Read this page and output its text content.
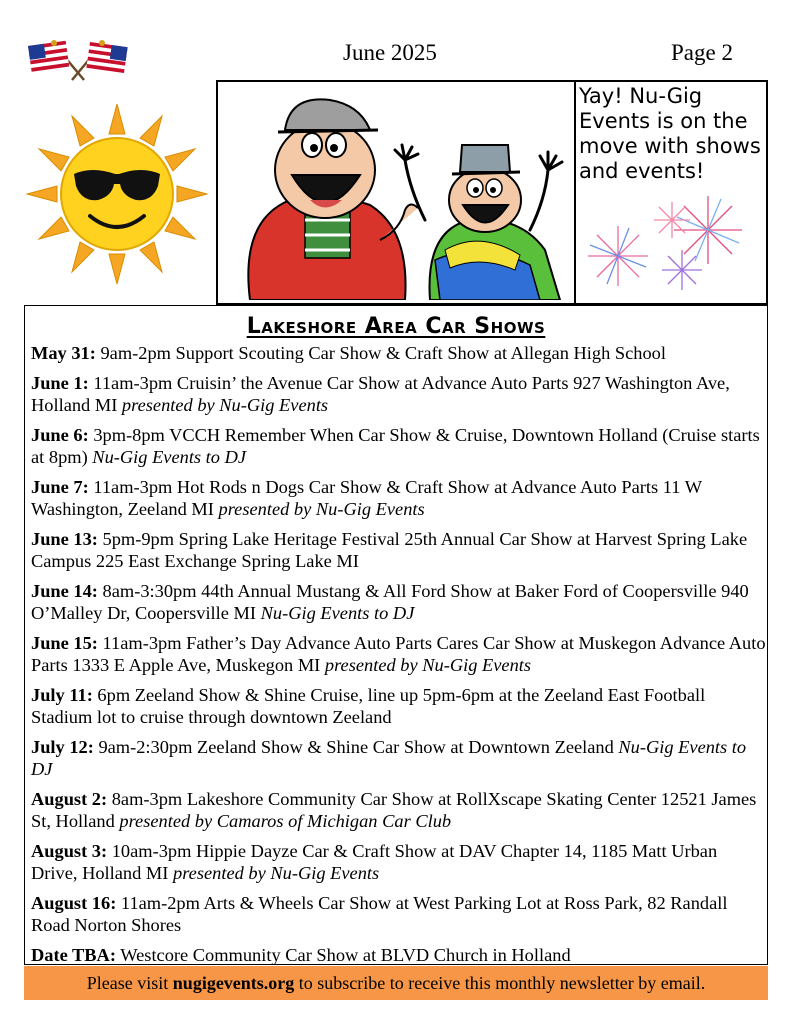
June 2025	Page 2
Yay! Nu-Gig Events is on the move with shows and events!
Lakeshore Area Car Shows
May 31: 9am-2pm Support Scouting Car Show & Craft Show at Allegan High School
June 1: 11am-3pm Cruisin’ the Avenue Car Show at Advance Auto Parts 927 Washington Ave, Holland MI presented by Nu-Gig Events
June 6: 3pm-8pm VCCH Remember When Car Show & Cruise, Downtown Holland (Cruise starts at 8pm) Nu-Gig Events to DJ
June 7: 11am-3pm Hot Rods n Dogs Car Show & Craft Show at Advance Auto Parts 11 W Washington, Zeeland MI presented by Nu-Gig Events
June 13: 5pm-9pm Spring Lake Heritage Festival 25th Annual Car Show at Harvest Spring Lake Campus 225 East Exchange Spring Lake MI
June 14: 8am-3:30pm 44th Annual Mustang & All Ford Show at Baker Ford of Coopersville 940 O’Malley Dr, Coopersville MI Nu-Gig Events to DJ
June 15: 11am-3pm Father’s Day Advance Auto Parts Cares Car Show at Muskegon Advance Auto Parts 1333 E Apple Ave, Muskegon MI presented by Nu-Gig Events
July 11: 6pm Zeeland Show & Shine Cruise, line up 5pm-6pm at the Zeeland East Football Stadium lot to cruise through downtown Zeeland
July 12: 9am-2:30pm Zeeland Show & Shine Car Show at Downtown Zeeland Nu-Gig Events to DJ
August 2: 8am-3pm Lakeshore Community Car Show at RollXscape Skating Center 12521 James St, Holland presented by Camaros of Michigan Car Club
August 3: 10am-3pm Hippie Dayze Car & Craft Show at DAV Chapter 14, 1185 Matt Urban Drive, Holland MI presented by Nu-Gig Events
August 16: 11am-2pm Arts & Wheels Car Show at West Parking Lot at Ross Park, 82 Randall Road Norton Shores
Date TBA: Westcore Community Car Show at BLVD Church in Holland
Please visit nugigevents.org to subscribe to receive this monthly newsletter by email.
